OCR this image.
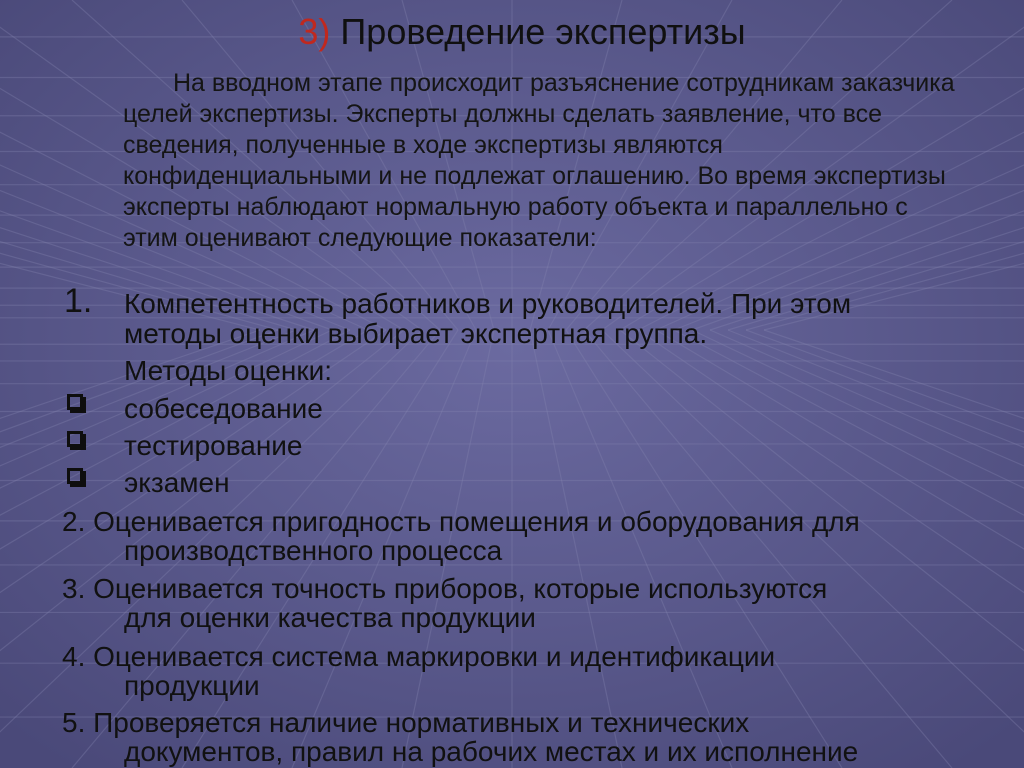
3) Проведение экспертизы
На вводном этапе происходит разъяснение сотрудникам заказчика целей экспертизы. Эксперты должны сделать заявление, что все сведения, полученные в ходе экспертизы являются конфиденциальными и не подлежат оглашению. Во время экспертизы эксперты наблюдают нормальную работу объекта и параллельно с этим оценивают следующие показатели:
1. Компетентность работников и руководителей. При этом
методы оценки выбирает экспертная группа.
Методы оценки:
собеседование
тестирование
экзамен
2. Оценивается пригодность помещения и оборудования для
производственного процесса
3. Оценивается точность приборов, которые используются
для оценки качества продукции
4. Оценивается система маркировки и идентификации
продукции
5. Проверяется наличие нормативных и технических
документов, правил на рабочих местах и их исполнение
